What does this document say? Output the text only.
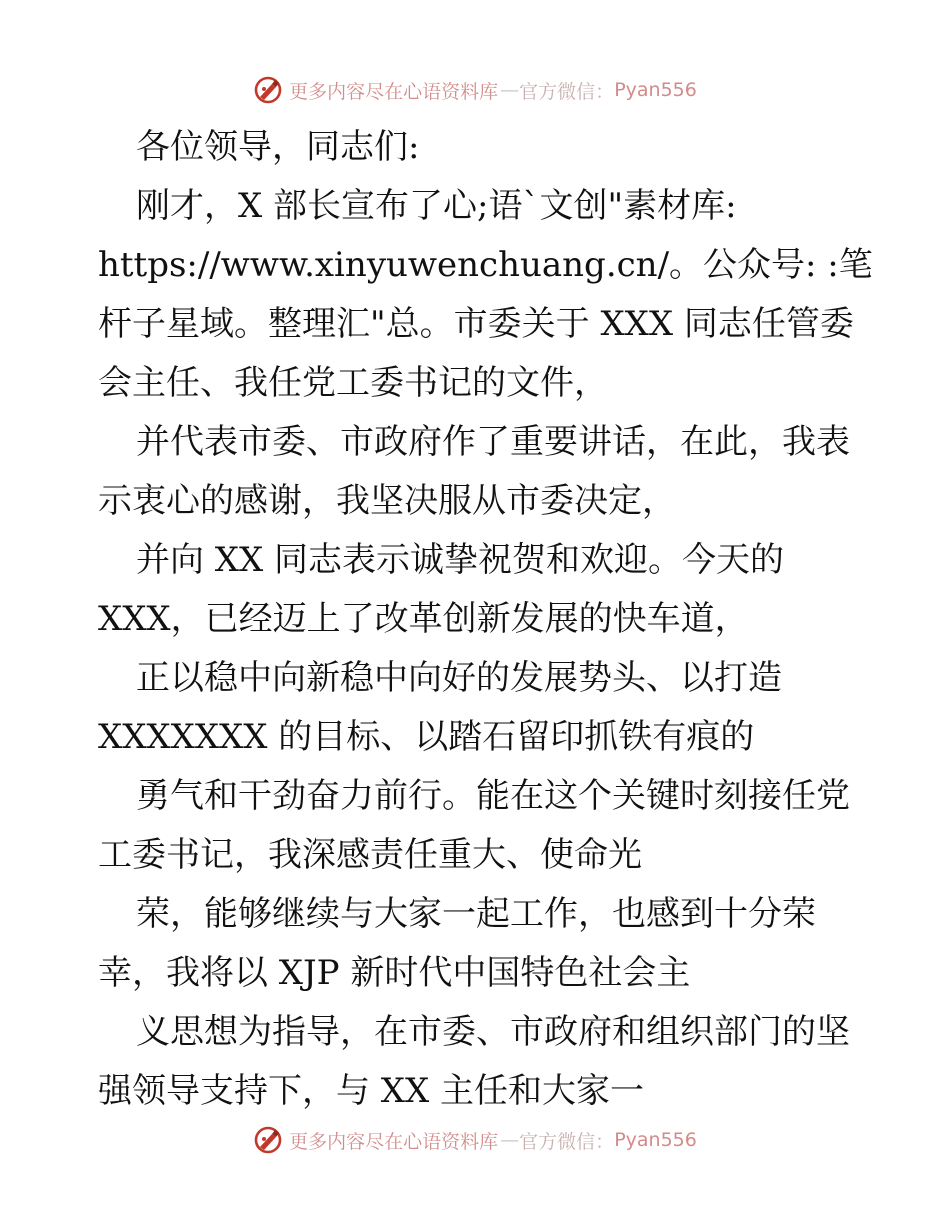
更多内容尽在心语资料库 — 官方微信： Pyan556
各位领导，同志们:
刚才，X 部长宣布了心;语`文创"素材库:
https://www.xinyuwenchuang.cn/。公众号: :笔
杆子星域。整理汇"总。市委关于 XXX 同志任管委
会主任、我任党工委书记的文件，
并代表市委、市政府作了重要讲话，在此，我表
示衷心的感谢，我坚决服从市委决定，
并向 XX 同志表示诚挚祝贺和欢迎。今天的
XXX，已经迈上了改革创新发展的快车道，
正以稳中向新稳中向好的发展势头、以打造
XXXXXXX 的目标、以踏石留印抓铁有痕的
勇气和干劲奋力前行。能在这个关键时刻接任党
工委书记，我深感责任重大、使命光
荣，能够继续与大家一起工作，也感到十分荣
幸，我将以 XJP 新时代中国特色社会主
义思想为指导，在市委、市政府和组织部门的坚
强领导支持下，与 XX 主任和大家一
更多内容尽在心语资料库 — 官方微信： Pyan556
